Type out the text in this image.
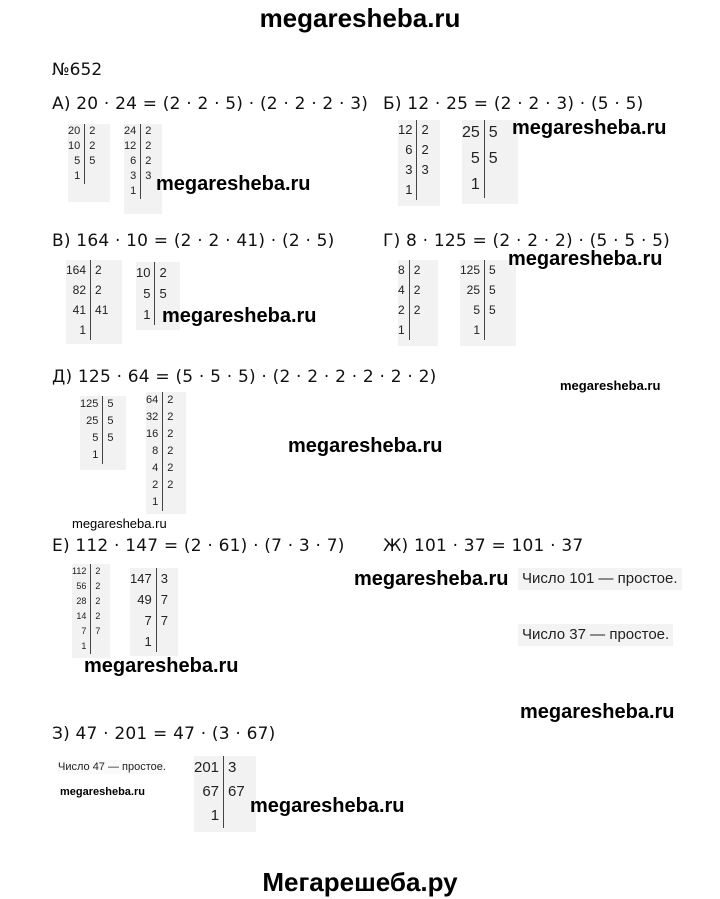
megaresheba.ru
Мегарешеба.ру
№652
А) 20 · 24 = (2 · 2 · 5) · (2 · 2 · 2 · 3)
20	2
10	2
5	5
1	
24	2
12	2
6	2
3	3
1	megaresheba.ru
Б) 12 · 25 = (2 · 2 · 3) · (5 · 5)
12	2
6	2
3	3
1	
25	5
5	5
1	
megaresheba.ru
В) 164 · 10 = (2 · 2 · 41) · (2 · 5)
164	2
82	2
41	41
1	
10	2
5	5
1	megaresheba.ru
Г) 8 · 125 = (2 · 2 · 2) · (5 · 5 · 5)
8	2
4	2
2	2
1	
125	5
25	5
5	5
1	
megaresheba.ru
Д) 125 · 64 = (5 · 5 · 5) · (2 · 2 · 2 · 2 · 2 · 2)
125	5
25	5
5	5
1	
64	2
32	2
16	2
8	2
4	2
2	2
1	
megaresheba.ru
megaresheba.ru
megaresheba.ru
Е) 112 · 147 = (2 · 61) · (7 · 3 · 7)
112	2
56	2
28	2
14	2
7	7
1	
147	3
49	7
7	7
1	
megaresheba.ru
Ж) 101 · 37 = 101 · 37
Число 101 — простое.
Число 37 — простое.
megaresheba.ru
megaresheba.ru
З) 47 · 201 = 47 · (3 · 67)
Число 47 — простое. 201	3
67	67
1	
megaresheba.ru
megaresheba.ru
